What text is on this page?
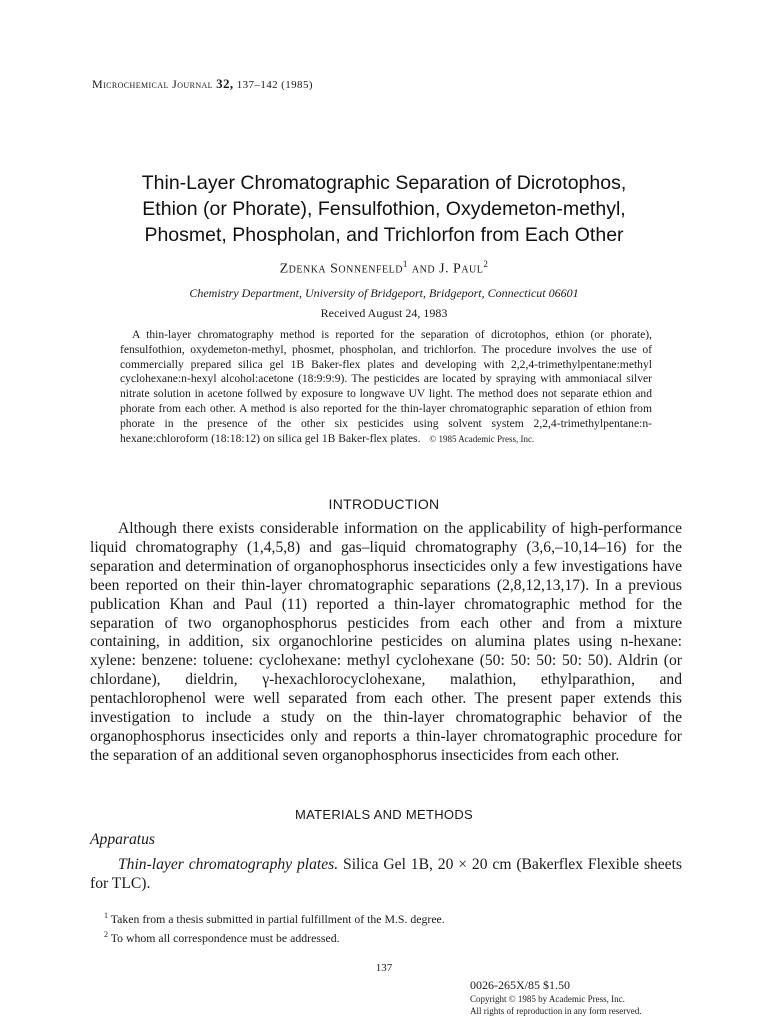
Microchemical Journal 32, 137–142 (1985)
Thin-Layer Chromatographic Separation of Dicrotophos,
Ethion (or Phorate), Fensulfothion, Oxydemeton-methyl,
Phosmet, Phospholan, and Trichlorfon from Each Other
Zdenka Sonnenfeld$^1$ and J. Paul$^2$
Chemistry Department, University of Bridgeport, Bridgeport, Connecticut 06601
Received August 24, 1983
A thin-layer chromatography method is reported for the separation of dicrotophos, ethion (or phorate), fensulfothion, oxydemeton-methyl, phosmet, phospholan, and trichlorfon. The procedure involves the use of commercially prepared silica gel 1B Baker-flex plates and developing with 2,2,4-trimethylpentane:methyl cyclohexane:n-hexyl alcohol:acetone (18:9:9:9). The pesticides are located by spraying with ammoniacal silver nitrate solution in acetone follwed by exposure to longwave UV light. The method does not separate ethion and phorate from each other. A method is also reported for the thin-layer chromatographic separation of ethion from phorate in the presence of the other six pesticides using solvent system 2,2,4-trimethylpentane:n-hexane:chloroform (18:18:12) on silica gel 1B Baker-flex plates. © 1985 Academic Press, Inc.
INTRODUCTION
Although there exists considerable information on the applicability of high-performance liquid chromatography (1,4,5,8) and gas–liquid chromatography (3,6,–10,14–16) for the separation and determination of organophosphorus insecticides only a few investigations have been reported on their thin-layer chromatographic separations (2,8,12,13,17). In a previous publication Khan and Paul (11) reported a thin-layer chromatographic method for the separation of two organophosphorus pesticides from each other and from a mixture containing, in addition, six organochlorine pesticides on alumina plates using n-hexane: xylene: benzene: toluene: cyclohexane: methyl cyclohexane (50: 50: 50: 50: 50). Aldrin (or chlordane), dieldrin, γ-hexachlorocyclohexane, malathion, ethylparathion, and pentachlorophenol were well separated from each other. The present paper extends this investigation to include a study on the thin-layer chromatographic behavior of the organophosphorus insecticides only and reports a thin-layer chromatographic procedure for the separation of an additional seven organophosphorus insecticides from each other.
MATERIALS AND METHODS
Apparatus
Thin-layer chromatography plates. Silica Gel 1B, 20 × 20 cm (Bakerflex Flexible sheets for TLC).
$^1$ Taken from a thesis submitted in partial fulfillment of the M.S. degree.
$^2$ To whom all correspondence must be addressed.
137
0026-265X/85 $1.50
Copyright © 1985 by Academic Press, Inc.
All rights of reproduction in any form reserved.
